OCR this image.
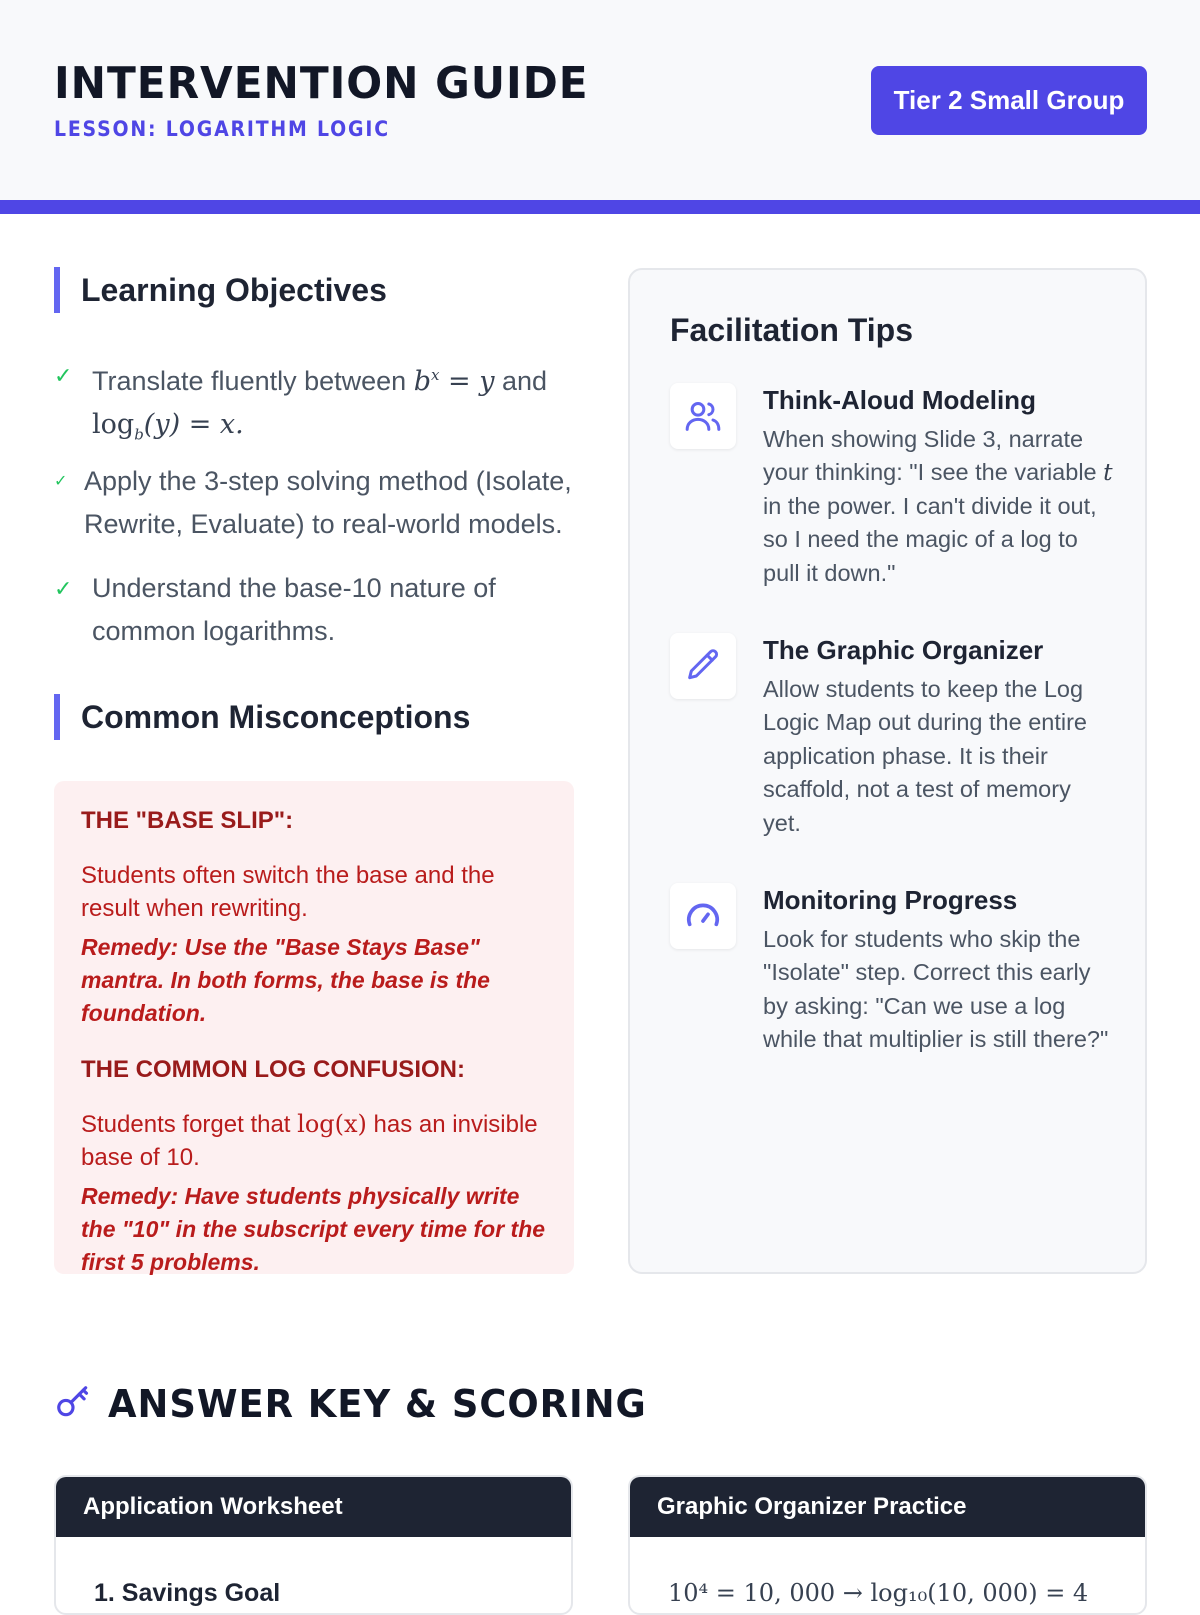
INTERVENTION GUIDE
LESSON: LOGARITHM LOGIC
Tier 2 Small Group
Learning Objectives
✓ Translate fluently between $b^x = y$ and
$\log_b(y) = x$.
✓ Apply the 3-step solving method (Isolate, Rewrite, Evaluate) to real-world models.
✓ Understand the base-10 nature of common logarithms.
Common Misconceptions
THE "BASE SLIP":
Students often switch the base and the result when rewriting.
Remedy: Use the "Base Stays Base" mantra. In both forms, the base is the foundation.
THE COMMON LOG CONFUSION:
Students forget that log(x) has an invisible base of 10.
Remedy: Have students physically write the "10" in the subscript every time for the first 5 problems.
Facilitation Tips
Think-Aloud Modeling
When showing Slide 3, narrate your thinking: "I see the variable t in the power. I can't divide it out, so I need the magic of a log to pull it down."
The Graphic Organizer
Allow students to keep the Log Logic Map out during the entire application phase. It is their scaffold, not a test of memory yet.
Monitoring Progress
Look for students who skip the "Isolate" step. Correct this early by asking: "Can we use a log while that multiplier is still there?"
ANSWER KEY & SCORING
Application Worksheet
1. Savings Goal
Graphic Organizer Practice
10⁴ = 10, 000 → log₁₀(10, 000) = 4
